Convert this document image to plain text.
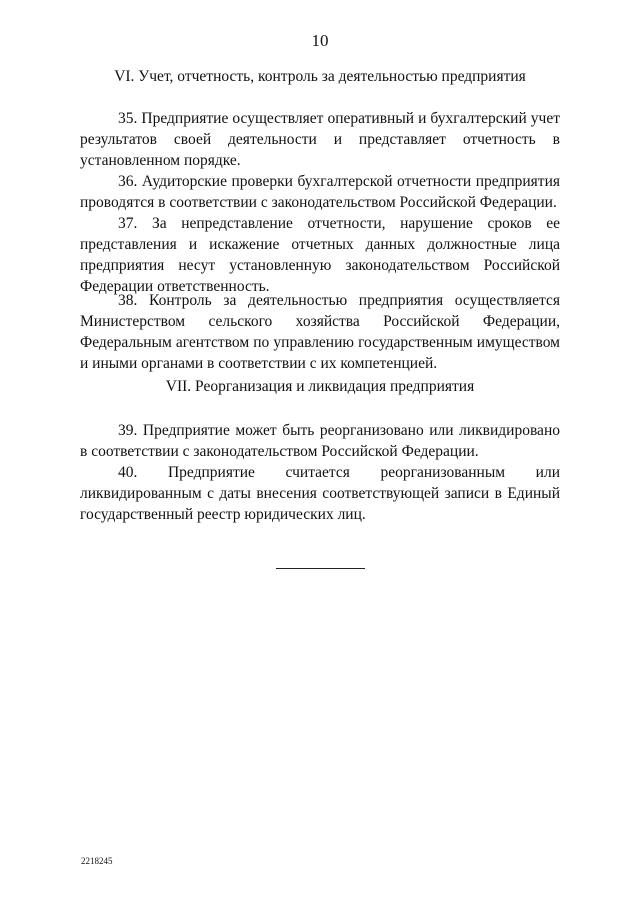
10
VI. Учет, отчетность, контроль за деятельностью предприятия
35. Предприятие осуществляет оперативный и бухгалтерский учет результатов своей деятельности и представляет отчетность в установленном порядке.
36. Аудиторские проверки бухгалтерской отчетности предприятия проводятся в соответствии с законодательством Российской Федерации.
37. За непредставление отчетности, нарушение сроков ее представления и искажение отчетных данных должностные лица предприятия несут установленную законодательством Российской Федерации ответственность.
38. Контроль за деятельностью предприятия осуществляется Министерством сельского хозяйства Российской Федерации, Федеральным агентством по управлению государственным имуществом и иными органами в соответствии с их компетенцией.
VII. Реорганизация и ликвидация предприятия
39. Предприятие может быть реорганизовано или ликвидировано в соответствии с законодательством Российской Федерации.
40. Предприятие считается реорганизованным или ликвидированным с даты внесения соответствующей записи в Единый государственный реестр юридических лиц.
2218245
